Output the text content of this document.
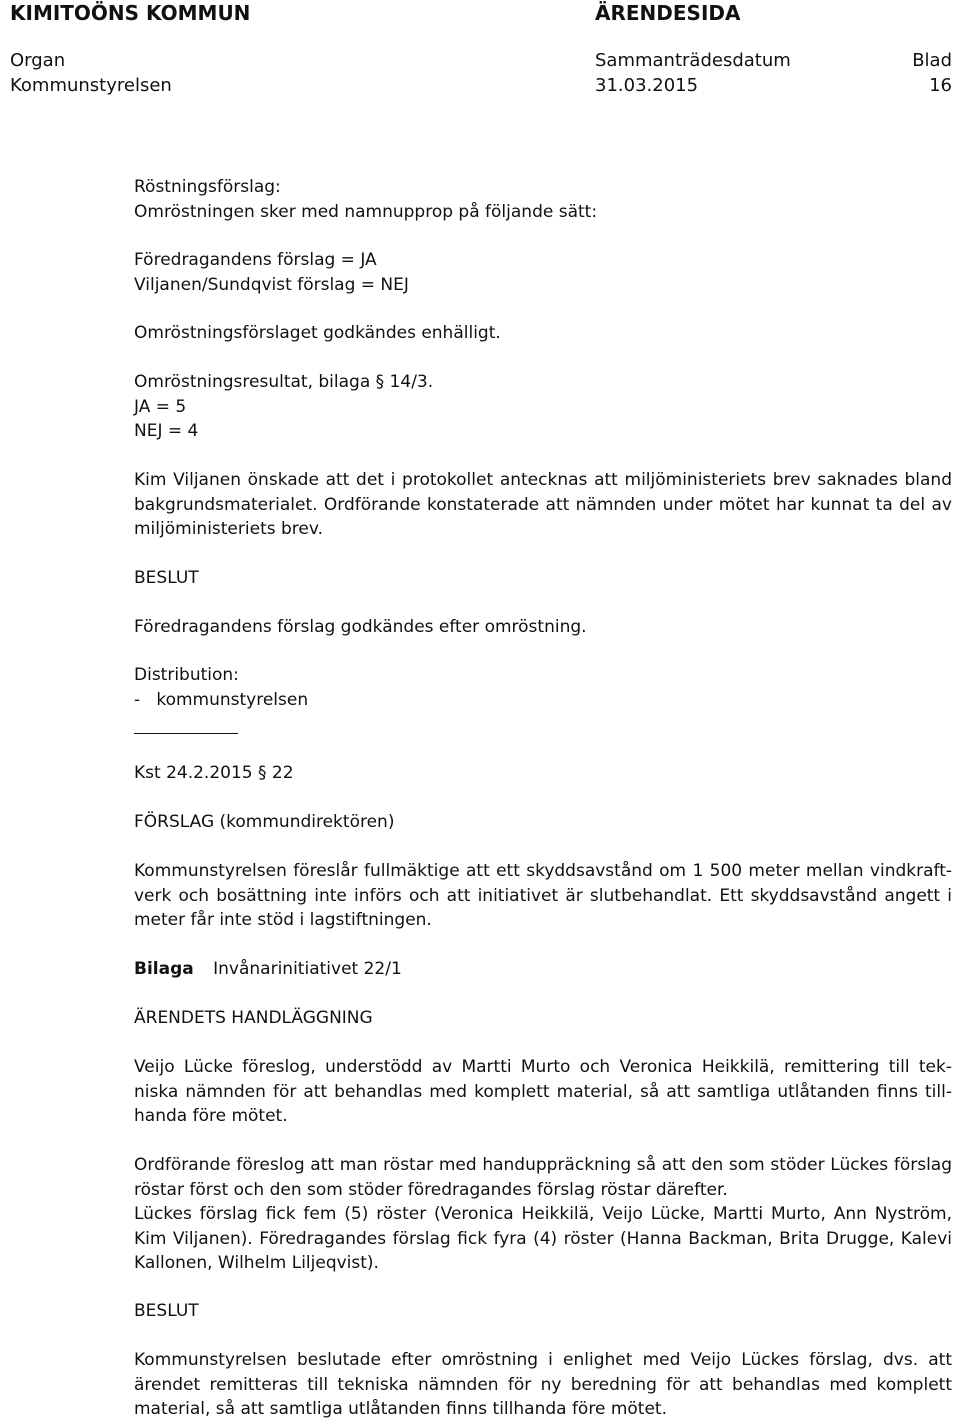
KIMITOÖNS KOMMUN	ÄRENDESIDA
Organ	Sammanträdesdatum	Blad
Kommunstyrelsen	31.03.2015	16
Röstningsförslag:
Omröstningen sker med namnupprop på följande sätt:
Föredragandens förslag = JA
Viljanen/Sundqvist förslag = NEJ
Omröstningsförslaget godkändes enhälligt.
Omröstningsresultat, bilaga § 14/3.
JA = 5
NEJ = 4
Kim Viljanen önskade att det i protokollet antecknas att miljöministeriets brev saknades bland
bakgrundsmaterialet. Ordförande konstaterade att nämnden under mötet har kunnat ta del av
miljöministeriets brev.
BESLUT
Föredragandens förslag godkändes efter omröstning.
Distribution:
-   kommunstyrelsen
Kst 24.2.2015 § 22
FÖRSLAG (kommundirektören)
Kommunstyrelsen föreslår fullmäktige att ett skyddsavstånd om 1 500 meter mellan vindkraft-
verk och bosättning inte införs och att initiativet är slutbehandlat. Ett skyddsavstånd angett i
meter får inte stöd i lagstiftningen.
Bilaga Invånarinitiativet 22/1
ÄRENDETS HANDLÄGGNING
Veijo Lücke föreslog, understödd av Martti Murto och Veronica Heikkilä, remittering till tek-
niska nämnden för att behandlas med komplett material, så att samtliga utlåtanden finns till-
handa före mötet.
Ordförande föreslog att man röstar med handuppräckning så att den som stöder Lückes förslag
röstar först och den som stöder föredragandes förslag röstar därefter.
Lückes förslag fick fem (5) röster (Veronica Heikkilä, Veijo Lücke, Martti Murto, Ann Nyström,
Kim Viljanen). Föredragandes förslag fick fyra (4) röster (Hanna Backman, Brita Drugge, Kalevi
Kallonen, Wilhelm Liljeqvist).
BESLUT
Kommunstyrelsen beslutade efter omröstning i enlighet med Veijo Lückes förslag, dvs. att
ärendet remitteras till tekniska nämnden för ny beredning för att behandlas med komplett
material, så att samtliga utlåtanden finns tillhanda före mötet.
